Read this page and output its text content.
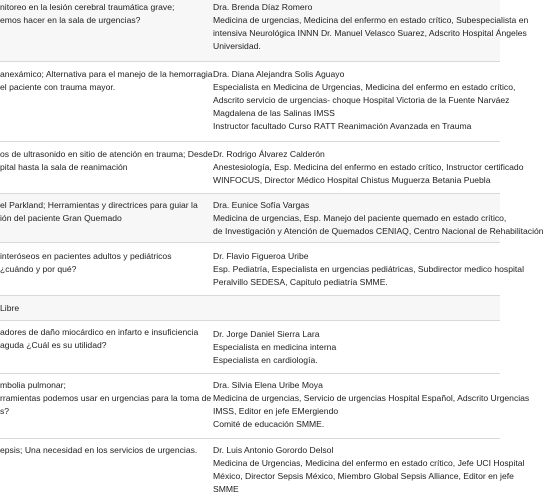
nitoreo en la lesión cerebral traumática grave;
emos hacer en la sala de urgencias?
Dra. Brenda Díaz Romero
Medicina de urgencias, Medicina del enfermo en estado crítico, Subespecialista en
intensiva Neurológica INNN Dr. Manuel Velasco Suarez, Adscrito Hospital Ángeles
Universidad.
anexámico; Alternativa para el manejo de la hemorragia
el paciente con trauma mayor.
Dra. Diana Alejandra Solis Aguayo
Especialista en Medicina de Urgencias, Medicina del enfermo en estado crítico,
Adscrito servicio de urgencias- choque Hospital Victoria de la Fuente Narváez
Magdalena de las Salinas IMSS
Instructor facultado Curso RATT Reanimación Avanzada en Trauma
os de ultrasonido en sitio de atención en trauma; Desde
pital hasta la sala de reanimación
Dr. Rodrigo Álvarez Calderón
Anestesiología, Esp. Medicina del enfermo en estado crítico, Instructor certificado
WINFOCUS, Director Médico Hospital Chistus Muguerza Betania Puebla
el Parkland; Herramientas y directrices para guiar la
ión del paciente Gran Quemado
Dra. Eunice Sofía Vargas
Medicina de urgencias, Esp. Manejo del paciente quemado en estado crítico,
de Investigación y Atención de Quemados CENIAQ, Centro Nacional de Rehabilitación
interóseos en pacientes adultos y pediátricos
¿cuándo y por qué?
Dr. Flavio Figueroa Uribe
Esp. Pediatría, Especialista en urgencias pediátricas, Subdirector medico hospital
Peralvillo SEDESA, Capitulo pediatría SMME.
Libre
adores de daño miocárdico en infarto e insuficiencia
aguda ¿Cuál es su utilidad?
Dr. Jorge Daniel Sierra Lara
Especialista en medicina interna
Especialista en cardiología.
mbolia pulmonar;
rramientas podemos usar en urgencias para la toma de
s?
Dra. Silvia Elena Uribe Moya
Medicina de urgencias, Servicio de urgencias Hospital Español, Adscrito Urgencias
IMSS, Editor en jefe EMergiendo
Comité de educación SMME.
epsis; Una necesidad en los servicios de urgencias.	Dr. Luis Antonio Gorordo Delsol
Medicina de Urgencias, Medicina del enfermo en estado crítico, Jefe UCI Hospital
México, Director Sepsis México, Miembro Global Sepsis Alliance, Editor en jefe
SMME
